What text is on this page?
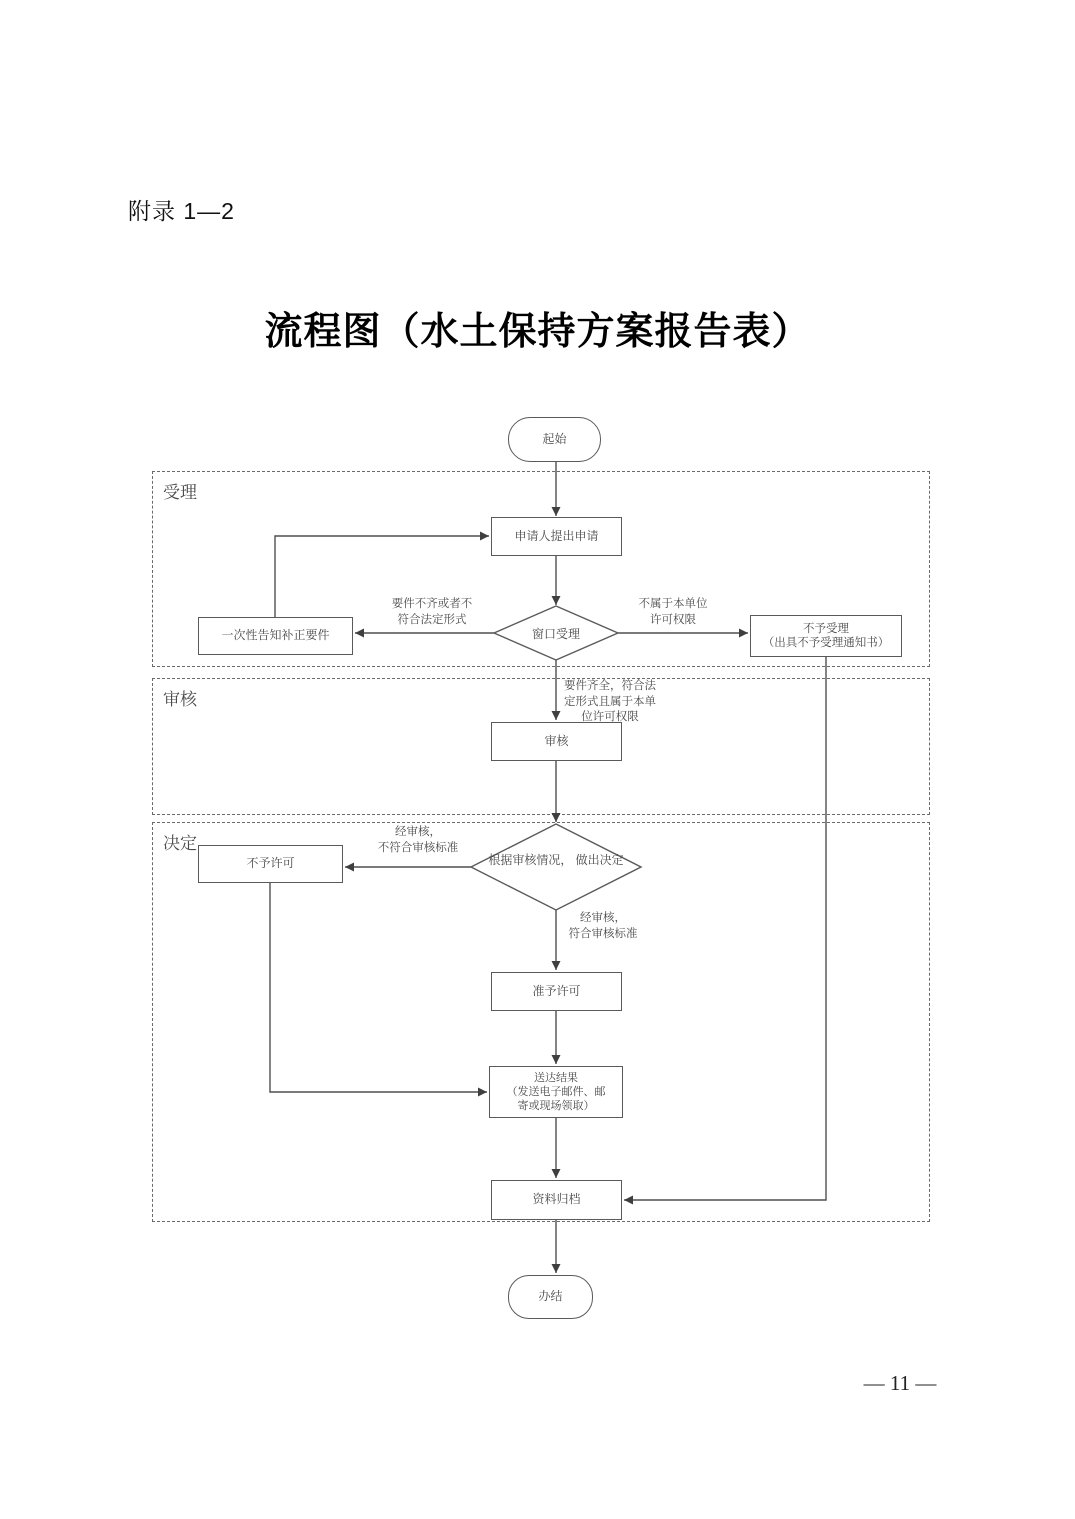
附录 1—2
流程图（水土保持方案报告表）
受理
审核
决定
起始
申请人提出申请
窗口受理
一次性告知补正要件	不予受理
（出具不予受理通知书）
审核
根据审核情况， 做出决定
不予许可
准予许可
送达结果
（发送电子邮件、邮
寄或现场领取）
资料归档
办结
要件不齐或者不
符合法定形式
不属于本单位
许可权限
要件齐全，符合法
定形式且属于本单
位许可权限
经审核，
不符合审核标准
经审核，
符合审核标准
— 11 —
